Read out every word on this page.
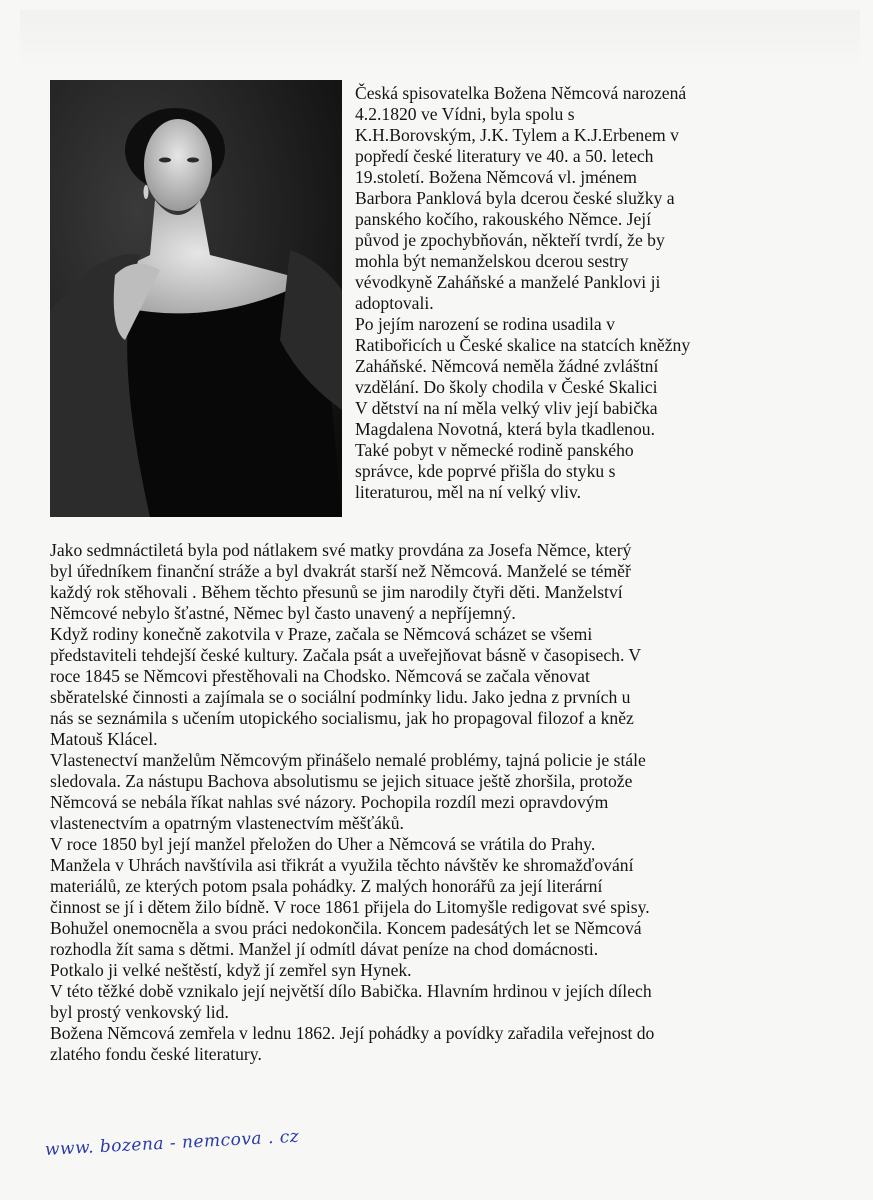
Česká spisovatelka Božena Němcová narozená

4.2.1820 ve Vídni, byla spolu s

K.H.Borovským, J.K. Tylem a K.J.Erbenem v

popředí české literatury ve 40. a 50. letech

19.století. Božena Němcová vl. jménem

Barbora Panklová byla dcerou české služky a

panského kočího, rakouského Němce. Její

původ je zpochybňován, někteří tvrdí, že by

mohla být nemanželskou dcerou sestry

vévodkyně Zaháňské a manželé Panklovi ji

adoptovali.

Po jejím narození se rodina usadila v

Ratibořicích u České skalice na statcích kněžny

Zaháňské. Němcová neměla žádné zvláštní

vzdělání. Do školy chodila v České Skalici

V dětství na ní měla velký vliv její babička

Magdalena Novotná, která byla tkadlenou.

Také pobyt v německé rodině panského

správce, kde poprvé přišla do styku s

literaturou, měl na ní velký vliv.

Jako sedmnáctiletá byla pod nátlakem své matky provdána za Josefa Němce, který

byl úředníkem finanční stráže a byl dvakrát starší než Němcová. Manželé se téměř

každý rok stěhovali . Během těchto přesunů se jim narodily čtyři děti. Manželství

Němcové nebylo šťastné, Němec byl často unavený a nepříjemný.

Když rodiny konečně zakotvila v Praze, začala se Němcová scházet se všemi

představiteli tehdejší české kultury. Začala psát a uveřejňovat básně v časopisech. V

roce 1845 se Němcovi přestěhovali na Chodsko. Němcová se začala věnovat

sběratelské činnosti a zajímala se o sociální podmínky lidu. Jako jedna z prvních u

nás se seznámila s učením utopického socialismu, jak ho propagoval filozof a kněz

Matouš Klácel.

Vlastenectví manželům Němcovým přinášelo nemalé problémy, tajná policie je stále

sledovala. Za nástupu Bachova absolutismu se jejich situace ještě zhoršila, protože

Němcová se nebála říkat nahlas své názory. Pochopila rozdíl mezi opravdovým

vlastenectvím a opatrným vlastenectvím měšťáků.

V roce 1850 byl její manžel přeložen do Uher a Němcová se vrátila do Prahy.

Manžela v Uhrách navštívila asi třikrát a využila těchto návštěv ke shromažďování

materiálů, ze kterých potom psala pohádky. Z malých honorářů za její literární

činnost se jí i dětem žilo bídně. V roce 1861 přijela do Litomyšle redigovat své spisy.

Bohužel onemocněla a svou práci nedokončila. Koncem padesátých let se Němcová

rozhodla žít sama s dětmi. Manžel jí odmítl dávat peníze na chod domácnosti.

Potkalo ji velké neštěstí, když jí zemřel syn Hynek.

V této těžké době vznikalo její největší dílo Babička. Hlavním hrdinou v jejích dílech

byl prostý venkovský lid.

Božena Němcová zemřela v lednu 1862. Její pohádky a povídky zařadila veřejnost do

zlatého fondu české literatury.

www. bozena - nemcova . cz
